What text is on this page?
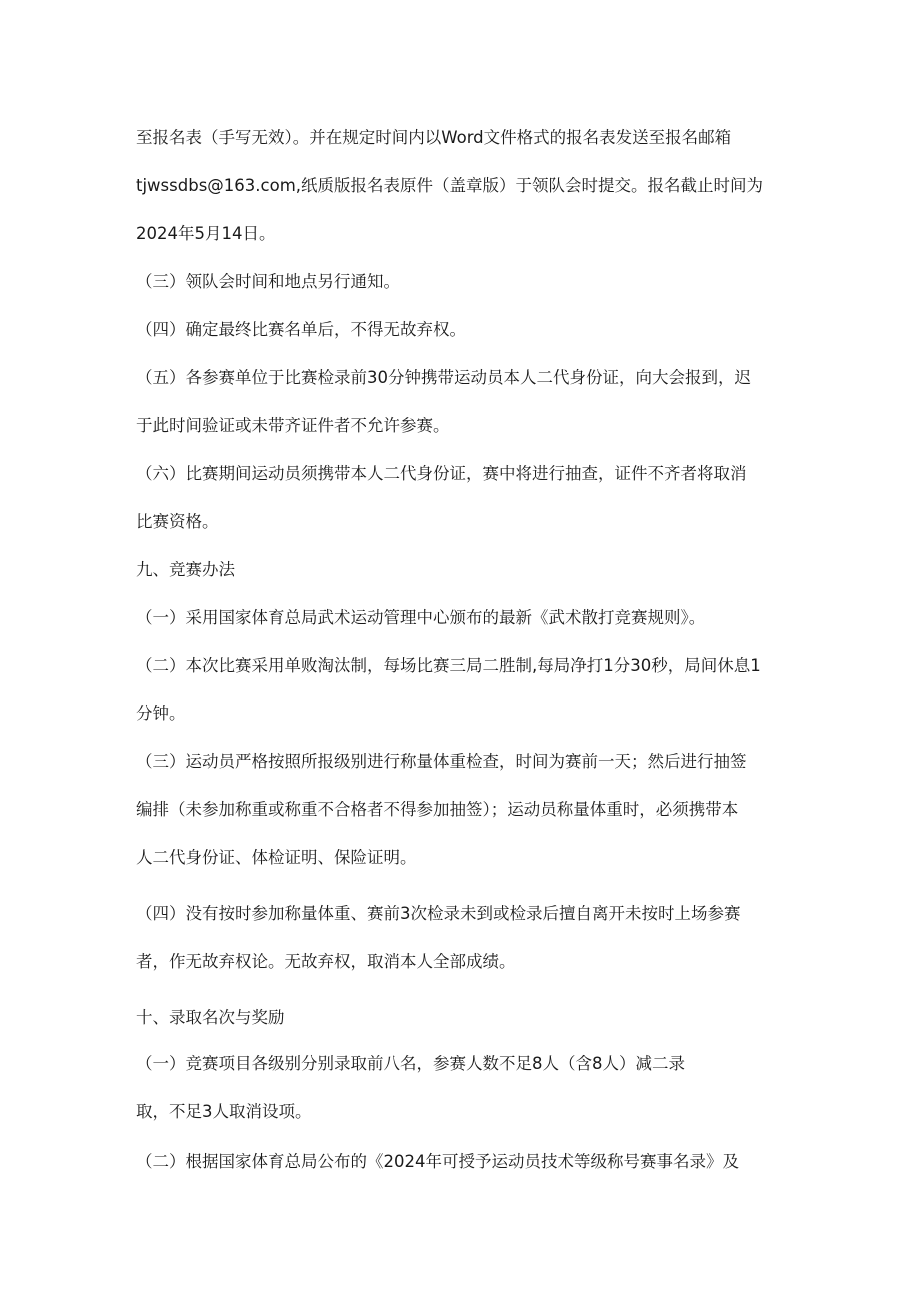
至报名表（手写无效）。并在规定时间内以Word文件格式的报名表发送至报名邮箱
tjwssdbs@163.com,纸质版报名表原件（盖章版）于领队会时提交。报名截止时间为
2024年5月14日。
（三）领队会时间和地点另行通知。
（四）确定最终比赛名单后，不得无故弃权。
（五）各参赛单位于比赛检录前30分钟携带运动员本人二代身份证，向大会报到，迟
于此时间验证或未带齐证件者不允许参赛。
（六）比赛期间运动员须携带本人二代身份证，赛中将进行抽查，证件不齐者将取消
比赛资格。
九、竞赛办法
（一）采用国家体育总局武术运动管理中心颁布的最新《武术散打竞赛规则》。
（二）本次比赛采用单败淘汰制，每场比赛三局二胜制,每局净打1分30秒，局间休息1
分钟。
（三）运动员严格按照所报级别进行称量体重检查，时间为赛前一天；然后进行抽签
编排（未参加称重或称重不合格者不得参加抽签）；运动员称量体重时，必须携带本
人二代身份证、体检证明、保险证明。
（四）没有按时参加称量体重、赛前3次检录未到或检录后擅自离开未按时上场参赛
者，作无故弃权论。无故弃权，取消本人全部成绩。
十、录取名次与奖励
（一）竞赛项目各级别分别录取前八名，参赛人数不足8人（含8人）减二录
取，不足3人取消设项。
（二）根据国家体育总局公布的《2024年可授予运动员技术等级称号赛事名录》及
